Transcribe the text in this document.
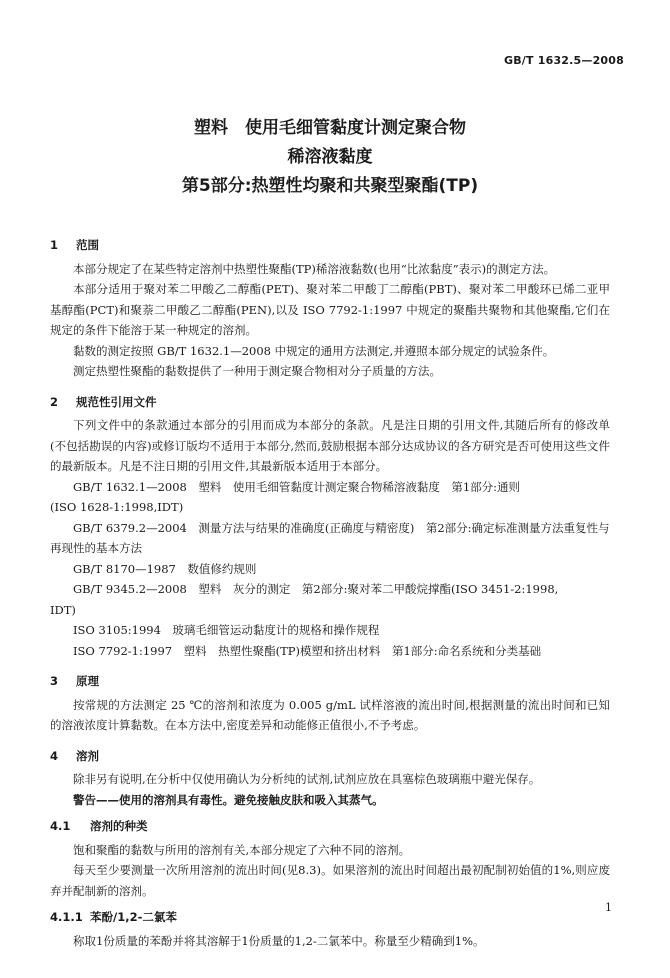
GB/T 1632.5—2008
塑料　使用毛细管黏度计测定聚合物
稀溶液黏度
第5部分:热塑性均聚和共聚型聚酯(TP)
1 范围
本部分规定了在某些特定溶剂中热塑性聚酯(TP)稀溶液黏数(也用“比浓黏度”表示)的测定方法。
本部分适用于聚对苯二甲酸乙二醇酯(PET)、聚对苯二甲酸丁二醇酯(PBT)、聚对苯二甲酸环已烯二亚甲基醇酯(PCT)和聚萘二甲酸乙二醇酯(PEN),以及 ISO 7792-1:1997 中规定的聚酯共聚物和其他聚酯,它们在规定的条件下能溶于某一种规定的溶剂。
黏数的测定按照 GB/T 1632.1—2008 中规定的通用方法测定,并遵照本部分规定的试验条件。
测定热塑性聚酯的黏数提供了一种用于测定聚合物相对分子质量的方法。
2 规范性引用文件
下列文件中的条款通过本部分的引用而成为本部分的条款。凡是注日期的引用文件,其随后所有的修改单(不包括勘误的内容)或修订版均不适用于本部分,然而,鼓励根据本部分达成协议的各方研究是否可使用这些文件的最新版本。凡是不注日期的引用文件,其最新版本适用于本部分。
GB/T 1632.1—2008　塑料　使用毛细管黏度计测定聚合物稀溶液黏度　第1部分:通则
(ISO 1628-1:1998,IDT)
GB/T 6379.2—2004　测量方法与结果的准确度(正确度与精密度)　第2部分:确定标准测量方法重复性与再现性的基本方法
GB/T 8170—1987　数值修约规则
GB/T 9345.2—2008　塑料　灰分的测定　第2部分:聚对苯二甲酸烷撑酯(ISO 3451-2:1998,
IDT)
ISO 3105:1994　玻璃毛细管运动黏度计的规格和操作规程
ISO 7792-1:1997　塑料　热塑性聚酯(TP)模塑和挤出材料　第1部分:命名系统和分类基础
3 原理
按常规的方法测定 25 ℃的溶剂和浓度为 0.005 g/mL 试样溶液的流出时间,根据测量的流出时间和已知的溶液浓度计算黏数。在本方法中,密度差异和动能修正值很小,不予考虑。
4 溶剂
除非另有说明,在分析中仅使用确认为分析纯的试剂,试剂应放在具塞棕色玻璃瓶中避光保存。
警告——使用的溶剂具有毒性。避免接触皮肤和吸入其蒸气。
4.1 溶剂的种类
饱和聚酯的黏数与所用的溶剂有关,本部分规定了六种不同的溶剂。
每天至少要测量一次所用溶剂的流出时间(见8.3)。如果溶剂的流出时间超出最初配制初始值的1%,则应废弃并配制新的溶剂。
4.1.1 苯酚/1,2-二氯苯
称取1份质量的苯酚并将其溶解于1份质量的1,2-二氯苯中。称量至少精确到1%。
1
